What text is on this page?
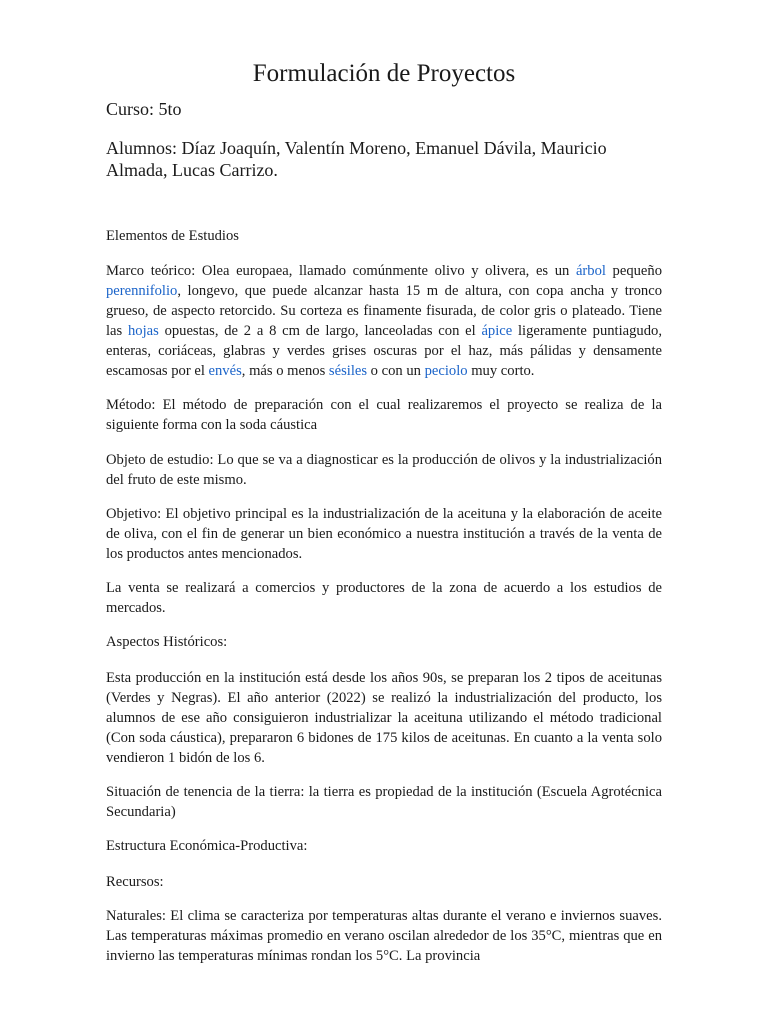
Formulación de Proyectos

Curso: 5to

Alumnos: Díaz Joaquín, Valentín Moreno, Emanuel Dávila, Mauricio Almada, Lucas Carrizo.

Elementos de Estudios

Marco teórico: Olea europaea, llamado comúnmente olivo y olivera, es un árbol pequeño perennifolio, longevo, que puede alcanzar hasta 15 m de altura, con copa ancha y tronco grueso, de aspecto retorcido. Su corteza es finamente fisurada, de color gris o plateado. Tiene las hojas opuestas, de 2 a 8 cm de largo, lanceoladas con el ápice ligeramente puntiagudo, enteras, coriáceas, glabras y verdes grises oscuras por el haz, más pálidas y densamente escamosas por el envés, más o menos sésiles o con un peciolo muy corto.

Método: El método de preparación con el cual realizaremos el proyecto se realiza de la siguiente forma con la soda cáustica

Objeto de estudio: Lo que se va a diagnosticar es la producción de olivos y la industrialización del fruto de este mismo.

Objetivo: El objetivo principal es la industrialización de la aceituna y la elaboración de aceite de oliva, con el fin de generar un bien económico a nuestra institución a través de la venta de los productos antes mencionados.

La venta se realizará a comercios y productores de la zona de acuerdo a los estudios de mercados.

Aspectos Históricos:

Esta producción en la institución está desde los años 90s, se preparan los 2 tipos de aceitunas (Verdes y Negras). El año anterior (2022) se realizó la industrialización del producto, los alumnos de ese año consiguieron industrializar la aceituna utilizando el método tradicional (Con soda cáustica), prepararon 6 bidones de 175 kilos de aceitunas. En cuanto a la venta solo vendieron 1 bidón de los 6.

Situación de tenencia de la tierra: la tierra es propiedad de la institución (Escuela Agrotécnica Secundaria)

Estructura Económica-Productiva:

Recursos:

Naturales: El clima se caracteriza por temperaturas altas durante el verano e inviernos suaves. Las temperaturas máximas promedio en verano oscilan alrededor de los 35°C, mientras que en invierno las temperaturas mínimas rondan los 5°C. La provincia
